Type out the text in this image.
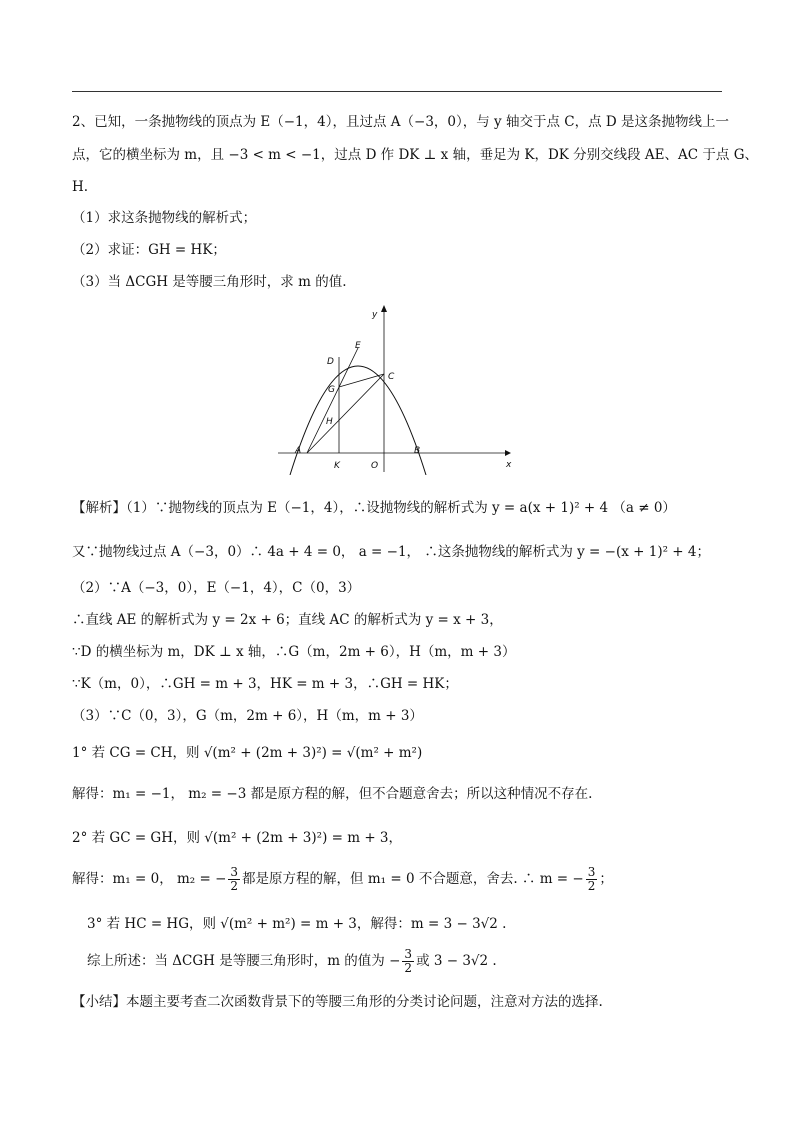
2、已知，一条抛物线的顶点为 E（−1，4），且过点 A（−3，0），与 y 轴交于点 C，点 D 是这条抛物线上一
点，它的横坐标为 m，且 −3 < m < −1，过点 D 作 DK ⊥ x 轴，垂足为 K，DK 分别交线段 AE、AC 于点 G、
H.
（1）求这条抛物线的解析式；
（2）求证：GH = HK；
（3）当 ΔCGH 是等腰三角形时，求 m 的值.
y
x
D
E
G
C
H
A	B
K	O
【解析】（1）∵抛物线的顶点为 E（−1，4），∴设抛物线的解析式为 y = a(x + 1)² + 4 （a ≠ 0）
又∵抛物线过点 A（−3，0）∴ 4a + 4 = 0， a = −1， ∴这条抛物线的解析式为 y = −(x + 1)² + 4；
（2）∵A（−3，0），E（−1，4），C（0，3）
∴直线 AE 的解析式为 y = 2x + 6；直线 AC 的解析式为 y = x + 3，
∵D 的横坐标为 m，DK ⊥ x 轴，∴G（m，2m + 6），H（m，m + 3）
∵K（m，0），∴GH = m + 3，HK = m + 3，∴GH = HK；
（3）∵C（0，3），G（m，2m + 6），H（m，m + 3）
1° 若 CG = CH，则 √(m² + (2m + 3)²) = √(m² + m²)
解得：m₁ = −1， m₂ = −3 都是原方程的解，但不合题意舍去；所以这种情况不存在.
2° 若 GC = GH，则 √(m² + (2m + 3)²) = m + 3，
解得：m₁ = 0， m₂ = − $\frac{3}{2}$ 都是原方程的解，但 m₁ = 0 不合题意，舍去. ∴ m = − $\frac{3}{2}$ ；
3° 若 HC = HG，则 √(m² + m²) = m + 3，解得：m = 3 − 3√2 .
综上所述：当 ΔCGH 是等腰三角形时，m 的值为 − $\frac{3}{2}$ 或 3 − 3√2 .
【小结】本题主要考查二次函数背景下的等腰三角形的分类讨论问题，注意对方法的选择.
